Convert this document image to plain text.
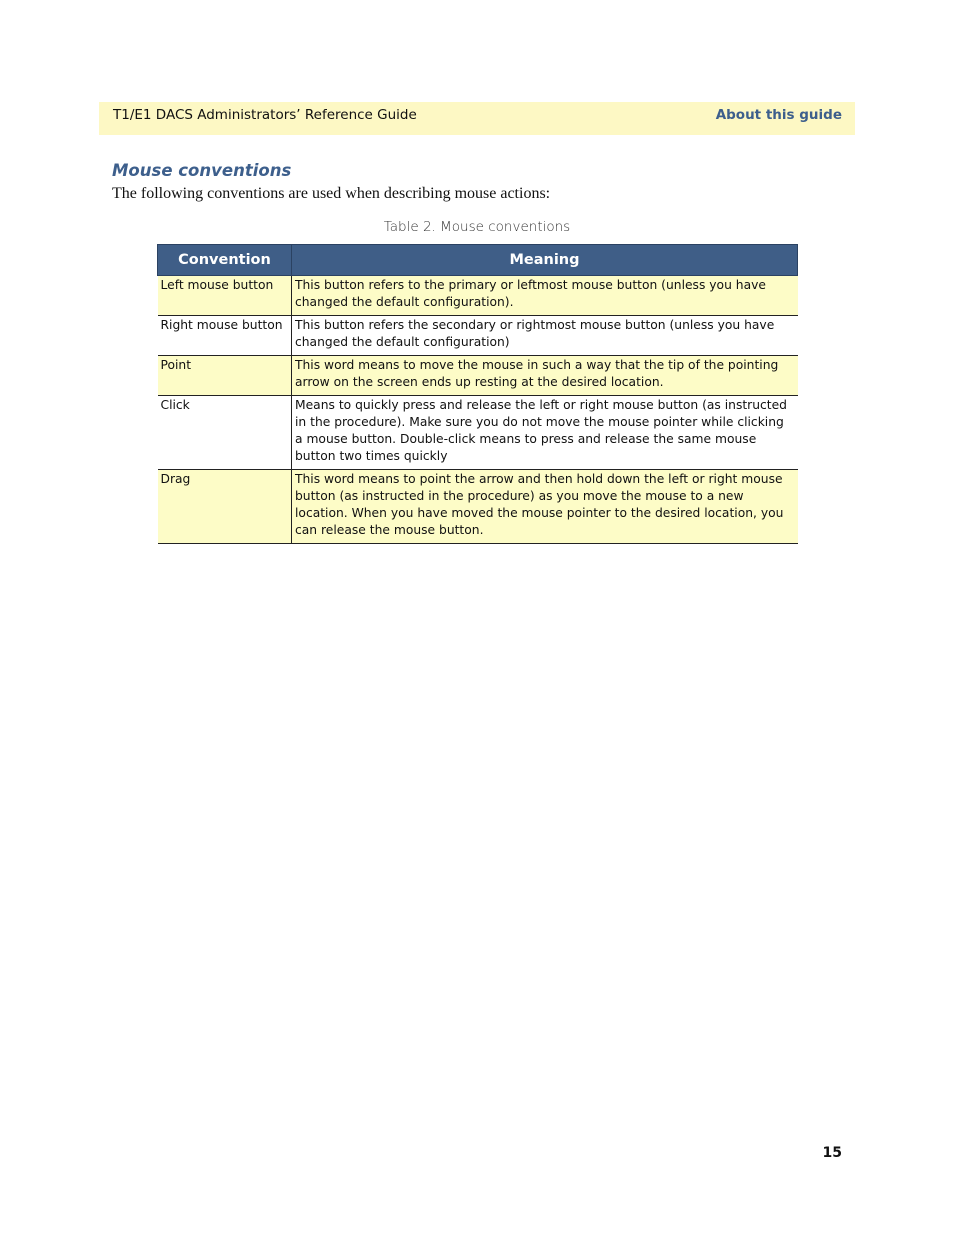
T1/E1 DACS Administrators’ Reference Guide	About this guide
Mouse conventions

The following conventions are used when describing mouse actions:

Table 2. Mouse conventions
Convention	Meaning
Left mouse button	This button refers to the primary or leftmost mouse button (unless you have changed the default configuration).
Right mouse button	This button refers the secondary or rightmost mouse button (unless you have changed the default configuration)
Point	This word means to move the mouse in such a way that the tip of the pointing arrow on the screen ends up resting at the desired location.
Click	Means to quickly press and release the left or right mouse button (as instructed in the procedure). Make sure you do not move the mouse pointer while clicking a mouse button. Double-click means to press and release the same mouse button two times quickly
Drag	This word means to point the arrow and then hold down the left or right mouse button (as instructed in the procedure) as you move the mouse to a new location. When you have moved the mouse pointer to the desired location, you can release the mouse button.
15
